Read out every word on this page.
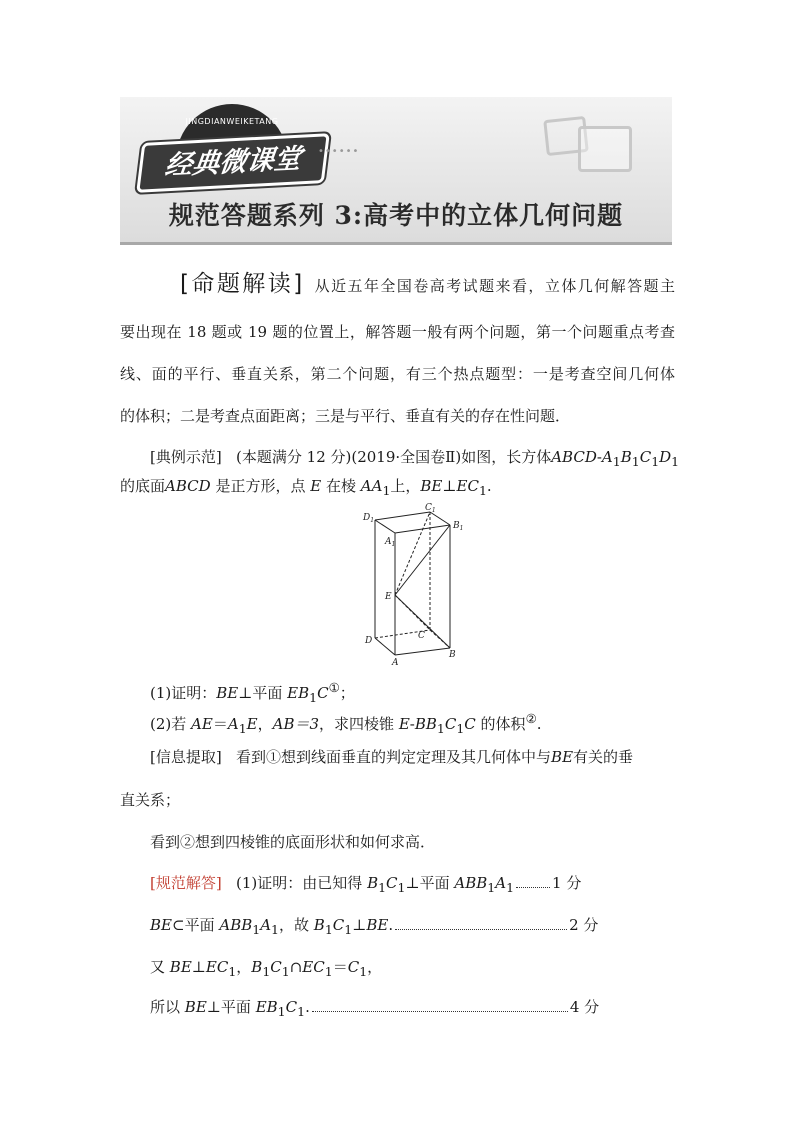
JINGDIANWEIKETANG
经典微课堂	••••••
规范答题系列 3:高考中的立体几何问题
[命题解读] 从近五年全国卷高考试题来看，立体几何解答题主
要出现在 18 题或 19 题的位置上，解答题一般有两个问题，第一个问题重点考查
线、面的平行、垂直关系，第二个问题，有三个热点题型：一是考查空间几何体
的体积；二是考查点面距离；三是与平行、垂直有关的存在性问题．
[典例示范] (本题满分 12 分)(2019·全国卷Ⅱ)如图，长方体ABCD-$A_1B_1C_1D_1$
的底面ABCD 是正方形，点 E 在棱 $AA_1$上，$BE\perp EC_1$.
$D_1$
$C_1$
$B_1$
$A_1$
E
D	C
A
B
(1)证明：BE⊥平面 $EB_1C^①$；
(2)若 $AE=A_1E$，AB＝3，求四棱锥 $E-BB_1C_1C$ 的体积②.
[信息提取] 看到①想到线面垂直的判定定理及其几何体中与BE有关的垂
直关系；
看到②想到四棱锥的底面形状和如何求高．
[规范解答] (1)证明：由已知得 $B_1C_1\perp$平面 $ABB_1A_1$	1 分
BE⊂平面 $ABB_1A_1$，故 $B_1C_1\perp BE$.	2 分
又 $BE\perp EC_1$，$B_1C_1\cap EC_1=C_1$，
所以 BE⊥平面 $EB_1C_1$.	4 分
